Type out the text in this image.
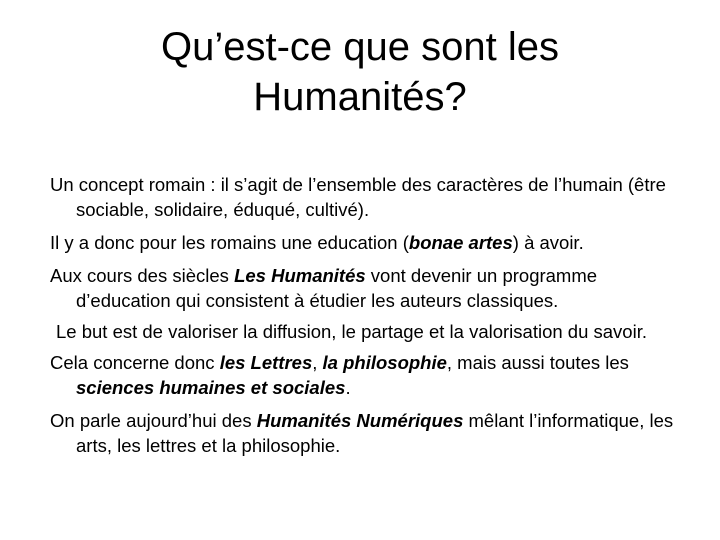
Qu’est-ce que sont les
Humanités?

Un concept romain : il s’agit de l’ensemble des caractères de l’humain (être sociable, solidaire, éduqué, cultivé).

Il y a donc pour les romains une education (bonae artes) à avoir.

Aux cours des siècles Les Humanités vont devenir un programme d’education qui consistent à étudier les auteurs classiques.

Le but est de valoriser la diffusion, le partage et la valorisation du savoir.

Cela concerne donc les Lettres, la philosophie, mais aussi toutes les sciences humaines et sociales.

On parle aujourd’hui des Humanités Numériques mêlant l’informatique, les arts, les lettres et la philosophie.
